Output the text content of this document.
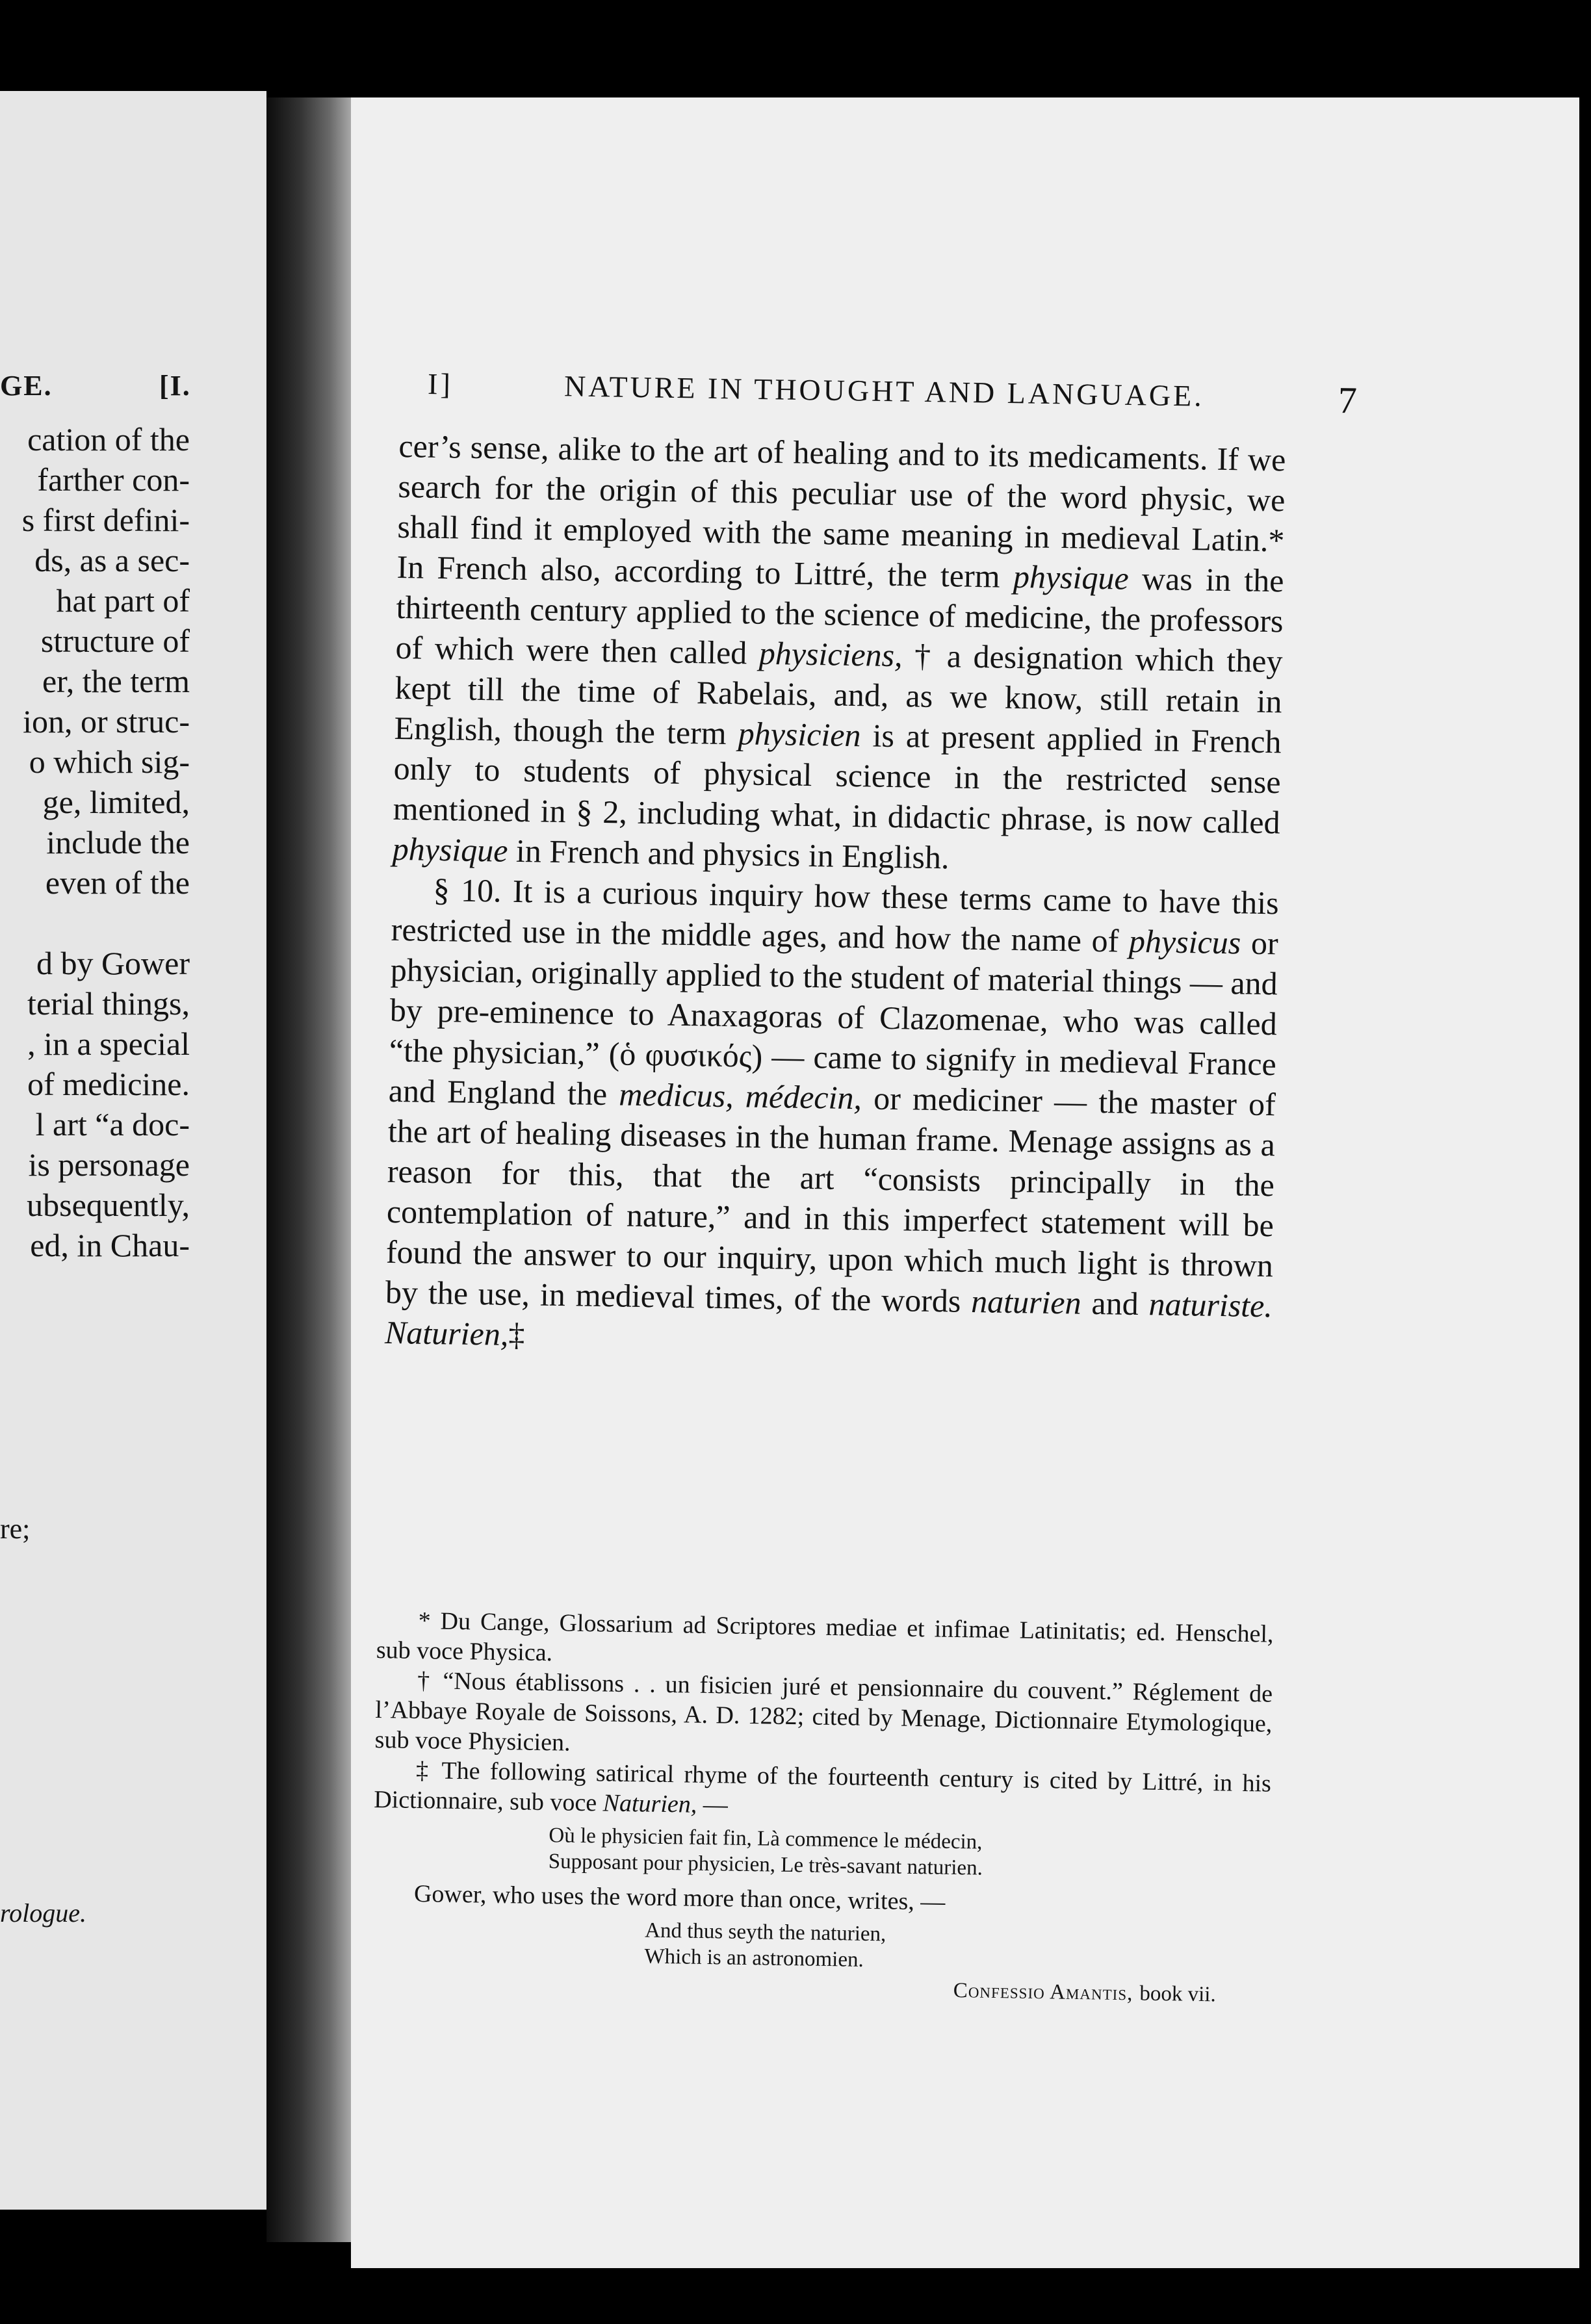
GE.	[I.
cation of the
farther con-
s first defini-
ds, as a sec-
hat part of
structure of
er, the term
ion, or struc-
o which sig-
ge, limited,
include the
even of the
d by Gower
terial things,
, in a special
of medicine.
l art “a doc-
is personage
ubsequently,
ed, in Chau-
re;
rologue.
I]	NATURE IN THOUGHT AND LANGUAGE.	7

cer’s sense, alike to the art of healing and to its medicaments. If we search for the origin of this peculiar use of the word physic, we shall find it employed with the same meaning in medieval Latin.* In French also, according to Littré, the term physique was in the thirteenth century applied to the science of medicine, the professors of which were then called physiciens, † a designation which they kept till the time of Rabelais, and, as we know, still retain in English, though the term physicien is at present applied in French only to students of physical science in the restricted sense mentioned in § 2, including what, in didactic phrase, is now called physique in French and physics in English.

§ 10. It is a curious inquiry how these terms came to have this restricted use in the middle ages, and how the name of physicus or physician, originally applied to the student of material things — and by pre-eminence to Anaxagoras of Clazomenae, who was called “the physician,” (ὁ φυσικός) — came to signify in medieval France and England the medicus, médecin, or mediciner — the master of the art of healing diseases in the human frame. Menage assigns as a reason for this, that the art “consists principally in the contemplation of nature,” and in this imperfect statement will be found the answer to our inquiry, upon which much light is thrown by the use, in medieval times, of the words naturien and naturiste. Naturien,‡

* Du Cange, Glossarium ad Scriptores mediae et infimae Latinitatis; ed. Henschel, sub voce Physica.

† “Nous établissons . . un fisicien juré et pensionnaire du couvent.” Réglement de l’Abbaye Royale de Soissons, A. D. 1282; cited by Menage, Dictionnaire Etymologique, sub voce Physicien.

‡ The following satirical rhyme of the fourteenth century is cited by Littré, in his Dictionnaire, sub voce Naturien, —

Où le physicien fait fin, Là commence le médecin,
Supposant pour physicien, Le très-savant naturien.

Gower, who uses the word more than once, writes, —

And thus seyth the naturien,
Which is an astronomien.
Confessio Amantis, book vii.
